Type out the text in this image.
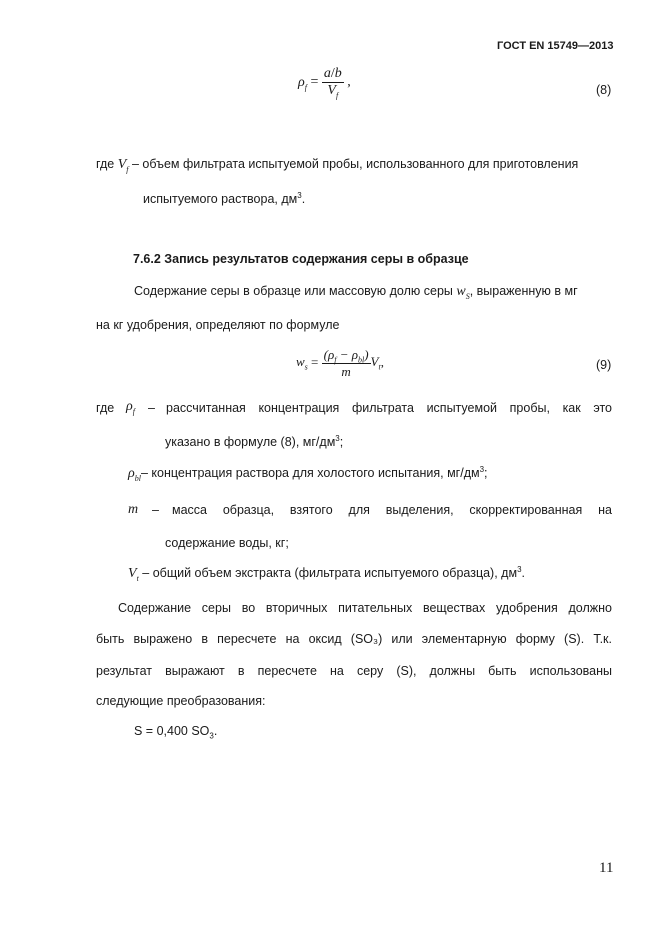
ГОСТ EN 15749—2013
$\rho_f = \frac{a/b}{V_f}$ ,
(8)
где $V_f$ – объем фильтрата испытуемой пробы, использованного для приготовления
испытуемого раствора, $дм^3$.
7.6.2 Запись результатов содержания серы в образце
Содержание серы в образце или массовую долю серы $w_S$, выраженную в мг
на кг удобрения, определяют по формуле
$w_s = \frac{(\rho_f - \rho_{bl})}{m} V_t$,	(9)
где $\rho_f$ – рассчитанная концентрация фильтрата испытуемой пробы, как это
указано в формуле (8), $мг/дм^3$;
$\rho_{bl}-$ концентрация раствора для холостого испытания, $мг/дм^3$;
m – масса образца, взятого для выделения, скорректированная на
содержание воды, кг;
$V_t$ – общий объем экстракта (фильтрата испытуемого образца), $дм^3$.
Содержание серы во вторичных питательных веществах удобрения должно
быть выражено в пересчете на оксид (SO₃) или элементарную форму (S). Т.к.
результат выражают в пересчете на серу (S), должны быть использованы
следующие преобразования:
S = 0,400 $SO_3$.
11
